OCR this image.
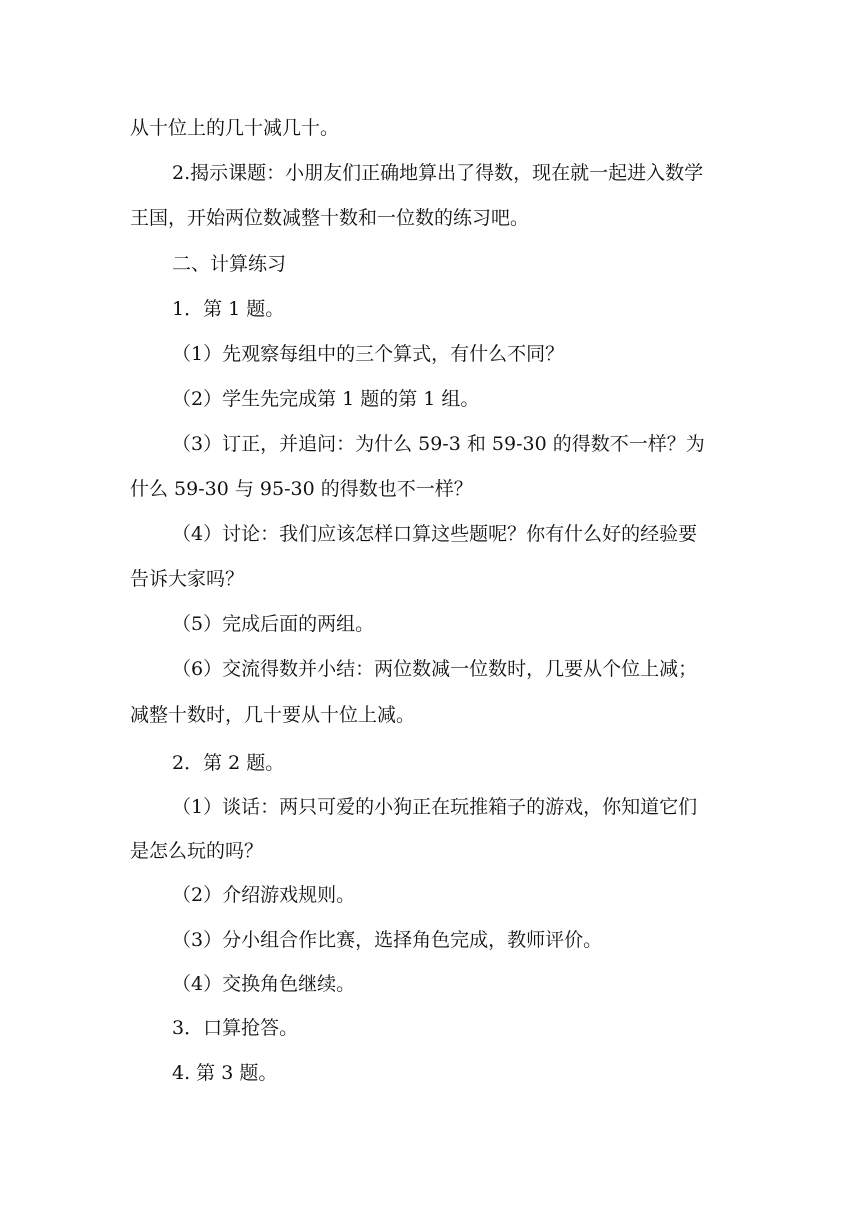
从十位上的几十减几十。
2.揭示课题：小朋友们正确地算出了得数，现在就一起进入数学
王国，开始两位数减整十数和一位数的练习吧。
二、计算练习
1．第 1 题。
（1）先观察每组中的三个算式，有什么不同？
（2）学生先完成第 1 题的第 1 组。
（3）订正，并追问：为什么 59-3 和 59-30 的得数不一样？为
什么 59-30 与 95-30 的得数也不一样？
（4）讨论：我们应该怎样口算这些题呢？你有什么好的经验要
告诉大家吗？
（5）完成后面的两组。
（6）交流得数并小结：两位数减一位数时，几要从个位上减；
减整十数时，几十要从十位上减。
2．第 2 题。
（1）谈话：两只可爱的小狗正在玩推箱子的游戏，你知道它们
是怎么玩的吗？
（2）介绍游戏规则。
（3）分小组合作比赛，选择角色完成，教师评价。
（4）交换角色继续。
3．口算抢答。
4. 第 3 题。
